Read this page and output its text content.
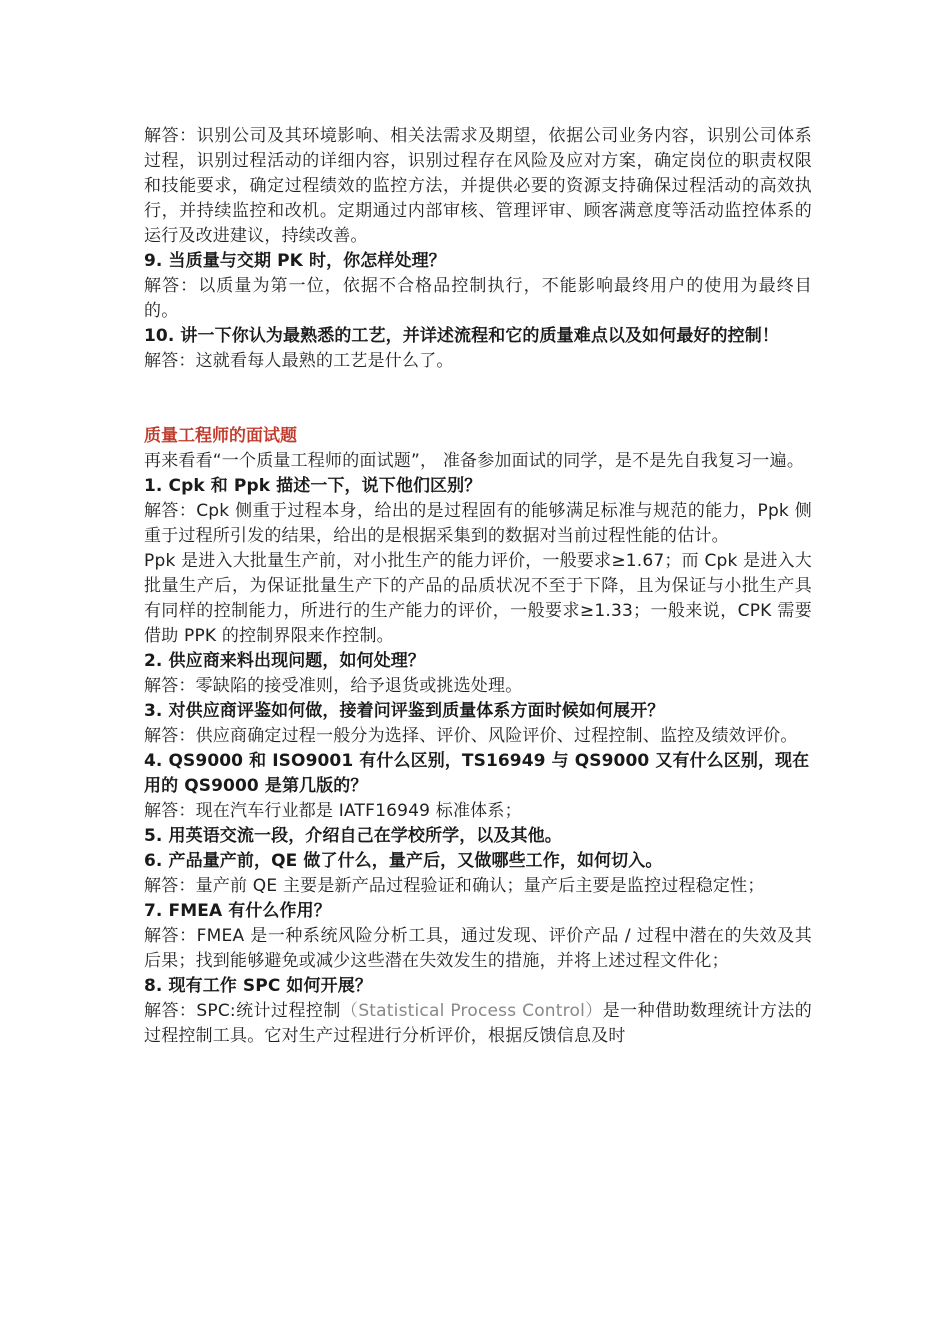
解答：识别公司及其环境影响、相关法需求及期望，依据公司业务内容，识别公司体系过程，识别过程活动的详细内容，识别过程存在风险及应对方案，确定岗位的职责权限和技能要求，确定过程绩效的监控方法，并提供必要的资源支持确保过程活动的高效执行，并持续监控和改机。定期通过内部审核、管理评审、顾客满意度等活动监控体系的运行及改进建议，持续改善。

9. 当质量与交期 PK 时，你怎样处理？

解答：以质量为第一位，依据不合格品控制执行，不能影响最终用户的使用为最终目的。

10. 讲一下你认为最熟悉的工艺，并详述流程和它的质量难点以及如何最好的控制！

解答：这就看每人最熟的工艺是什么了。

质量工程师的面试题

再来看看“一个质量工程师的面试题”， 准备参加面试的同学，是不是先自我复习一遍。

1. Cpk 和 Ppk 描述一下，说下他们区别？

解答：Cpk 侧重于过程本身，给出的是过程固有的能够满足标准与规范的能力，Ppk 侧重于过程所引发的结果，给出的是根据采集到的数据对当前过程性能的估计。

Ppk 是进入大批量生产前，对小批生产的能力评价，一般要求≥1.67；而 Cpk 是进入大批量生产后，为保证批量生产下的产品的品质状况不至于下降，且为保证与小批生产具有同样的控制能力，所进行的生产能力的评价，一般要求≥1.33；一般来说，CPK 需要借助 PPK 的控制界限来作控制。

2. 供应商来料出现问题，如何处理？

解答：零缺陷的接受准则，给予退货或挑选处理。

3. 对供应商评鉴如何做，接着问评鉴到质量体系方面时候如何展开？

解答：供应商确定过程一般分为选择、评价、风险评价、过程控制、监控及绩效评价。

4. QS9000 和 ISO9001 有什么区别，TS16949 与 QS9000 又有什么区别，现在用的 QS9000 是第几版的？

解答：现在汽车行业都是 IATF16949 标准体系；

5. 用英语交流一段，介绍自己在学校所学，以及其他。

6. 产品量产前，QE 做了什么，量产后，又做哪些工作，如何切入。

解答：量产前 QE 主要是新产品过程验证和确认；量产后主要是监控过程稳定性；

7. FMEA 有什么作用？

解答：FMEA 是一种系统风险分析工具，通过发现、评价产品 / 过程中潜在的失效及其后果；找到能够避免或减少这些潜在失效发生的措施，并将上述过程文件化；

8. 现有工作 SPC 如何开展？

解答：SPC:统计过程控制（Statistical Process Control）是一种借助数理统计方法的过程控制工具。它对生产过程进行分析评价，根据反馈信息及时
